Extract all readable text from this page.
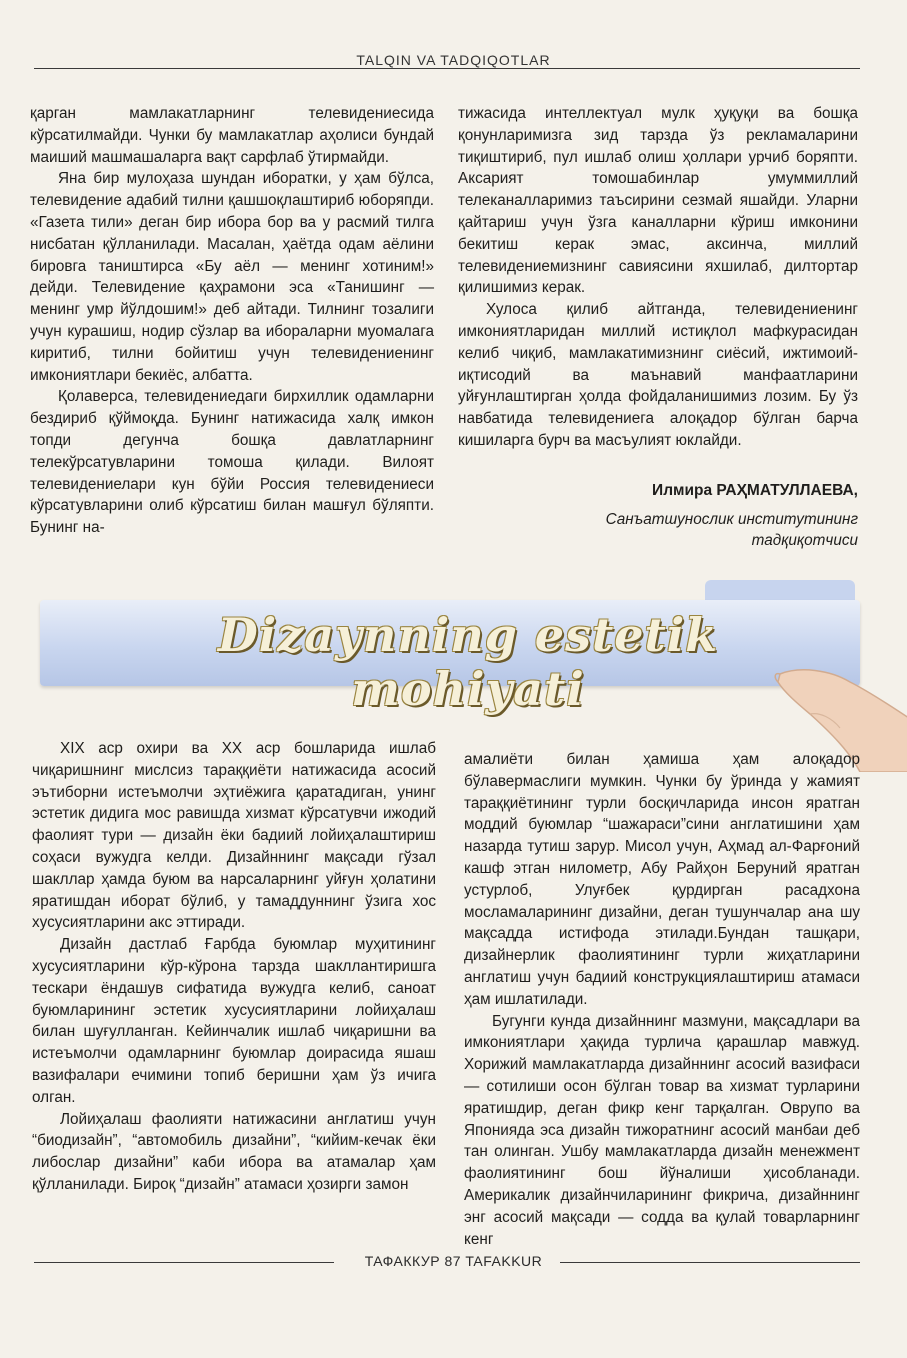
TALQIN VA TADQIQOTLAR

қарган мамлакатларнинг телевидениесида кўрсатилмайди. Чунки бу мамлакатлар аҳолиси бундай маиший машмашаларга вақт сарфлаб ўтирмайди.

Яна бир мулоҳаза шундан иборатки, у ҳам бўлса, телевидение адабий тилни қашшоқлаштириб юборяпди. «Газета тили» деган бир ибора бор ва у расмий тилга нисбатан қўлланилади. Масалан, ҳаётда одам аёлини бировга таништирса «Бу аёл — менинг хотиним!» дейди. Телевидение қаҳрамони эса «Танишинг — менинг умр йўлдошим!» деб айтади. Тилнинг тозалиги учун курашиш, нодир сўзлар ва ибораларни муомалага киритиб, тилни бойитиш учун телевидениенинг имкониятлари бекиёс, албатта.

Қолаверса, телевидениедаги бирхиллик одамларни бездириб қўймоқда. Бунинг натижасида халқ имкон топди дегунча бошқа давлатларнинг телекўрсатувларини томоша қилади. Вилоят телевидениелари кун бўйи Россия телевидениеси кўрсатувларини олиб кўрсатиш билан машғул бўляпти. Бунинг на-

тижасида интеллектуал мулк ҳуқуқи ва бошқа қонунларимизга зид тарзда ўз рекламаларини тиқиштириб, пул ишлаб олиш ҳоллари урчиб боряпти. Аксарият томошабинлар умуммиллий телеканалларимиз таъсирини сезмай яшайди. Уларни қайтариш учун ўзга каналларни кўриш имконини бекитиш керак эмас, аксинча, миллий телевидениемизнинг савиясини яхшилаб, дилтортар қилишимиз керак.

Хулоса қилиб айтганда, телевидениенинг имкониятларидан миллий истиқлол мафкурасидан келиб чиқиб, мамлакатимизнинг сиёсий, ижтимоий-иқтисодий ва маънавий манфаатларини уйғунлаштирган ҳолда фойдаланишимиз лозим. Бу ўз навбатида телевидениега алоқадор бўлган барча кишиларга бурч ва масъулият юклайди.

Илмира РАҲМАТУЛЛАЕВА,
Санъатшунослик институтининг
тадқиқотчиси
Dizaynning estetik mohiyati

XIX аср охири ва XX аср бошларида ишлаб чиқаришнинг мислсиз тараққиёти натижасида асосий эътиборни истеъмолчи эҳтиёжига қаратадиган, унинг эстетик дидига мос равишда хизмат кўрсатувчи ижодий фаолият тури — дизайн ёки бадиий лойиҳалаштириш соҳаси вужудга келди. Дизайннинг мақсади гўзал шакллар ҳамда буюм ва нарсаларнинг уйғун ҳолатини яратишдан иборат бўлиб, у тамаддуннинг ўзига хос хусусиятларини акс эттиради.

Дизайн дастлаб Ғарбда буюмлар муҳитининг хусусиятларини кўр-кўрона тарзда шакллантиришга тескари ёндашув сифатида вужудга келиб, саноат буюмларининг эстетик хусусиятларини лойиҳалаш билан шуғулланган. Кейинчалик ишлаб чиқаришни ва истеъмолчи одамларнинг буюмлар доирасида яшаш вазифалари ечимини топиб беришни ҳам ўз ичига олган.

Лойиҳалаш фаолияти натижасини англатиш учун “биодизайн”, “автомобиль дизайни”, “кийим-кечак ёки либослар дизайни” каби ибора ва атамалар ҳам қўлланилади. Бироқ “дизайн” атамаси ҳозирги замон

амалиёти билан ҳамиша ҳам алоқадор бўлавермаслиги мумкин. Чунки бу ўринда у жамият тараққиётининг турли босқичларида инсон яратган моддий буюмлар “шажараси”сини англатишини ҳам назарда тутиш зарур. Мисол учун, Аҳмад ал-Фарғоний кашф этган нилометр, Абу Райҳон Беруний яратган устурлоб, Улуғбек қурдирган расадхона мосламаларининг дизайни, деган тушунчалар ана шу мақсадда истифода этилади.Бундан ташқари, дизайнерлик фаолиятининг турли жиҳатларини англатиш учун бадиий конструкциялаштириш атамаси ҳам ишлатилади.

Бугунги кунда дизайннинг мазмуни, мақсадлари ва имкониятлари ҳақида турлича қарашлар мавжуд. Хорижий мамлакатларда дизайннинг асосий вазифаси — сотилиши осон бўлган товар ва хизмат турларини яратишдир, деган фикр кенг тарқалган. Оврупо ва Японияда эса дизайн тижоратнинг асосий манбаи деб тан олинган. Ушбу мамлакатларда дизайн менежмент фаолиятининг бош йўналиши ҳисобланади. Америкалик дизайнчиларининг фикрича, дизайннинг энг асосий мақсади — содда ва қулай товарларнинг кенг

ТАФАККУР 87 TAFAKKUR
